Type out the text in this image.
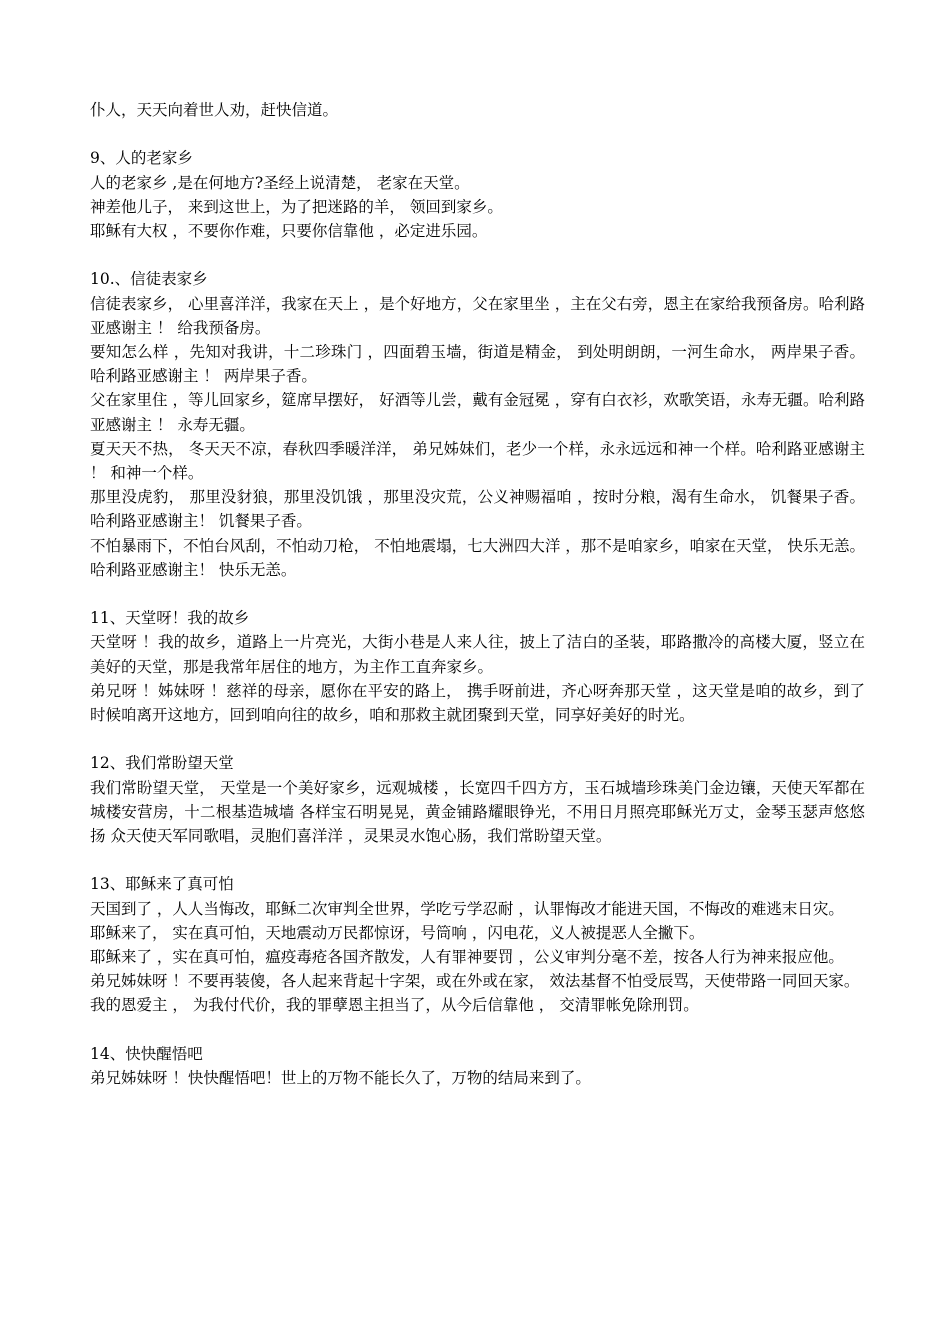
仆人，天天向着世人劝，赶快信道。

9、人的老家乡

人的老家乡 ,是在何地方?圣经上说清楚， 老家在天堂。

神差他儿子， 来到这世上，为了把迷路的羊， 领回到家乡。

耶稣有大权 ，不要你作难，只要你信靠他 ，必定进乐园。

10.、信徒表家乡

信徒表家乡， 心里喜洋洋，我家在天上 ，是个好地方，父在家里坐 ，主在父右旁，恩主在家给我预备房。哈利路亚感谢主 ！ 给我预备房。

要知怎么样 ，先知对我讲，十二珍珠门 ，四面碧玉墙，街道是精金， 到处明朗朗，一河生命水， 两岸果子香。哈利路亚感谢主 ！ 两岸果子香。

父在家里住 ，等儿回家乡，筵席早摆好， 好酒等儿尝，戴有金冠冕 ，穿有白衣衫，欢歌笑语，永寿无疆。哈利路亚感谢主 ！ 永寿无疆。

夏天天不热， 冬天天不凉，春秋四季暖洋洋， 弟兄姊妹们，老少一个样，永永远远和神一个样。哈利路亚感谢主 ！ 和神一个样。

那里没虎豹， 那里没豺狼，那里没饥饿 ，那里没灾荒，公义神赐福咱 ，按时分粮，渴有生命水， 饥餐果子香。哈利路亚感谢主！ 饥餐果子香。

不怕暴雨下，不怕台风刮，不怕动刀枪， 不怕地震塌，七大洲四大洋 ，那不是咱家乡，咱家在天堂， 快乐无恙。哈利路亚感谢主！ 快乐无恙。

11、天堂呀！我的故乡

天堂呀 ！我的故乡，道路上一片亮光，大街小巷是人来人往，披上了洁白的圣装，耶路撒冷的高楼大厦，竖立在美好的天堂，那是我常年居住的地方，为主作工直奔家乡。

弟兄呀 ！姊妹呀 ！慈祥的母亲，愿你在平安的路上， 携手呀前进，齐心呀奔那天堂 ，这天堂是咱的故乡，到了时候咱离开这地方，回到咱向往的故乡，咱和那救主就团聚到天堂，同享好美好的时光。

12、我们常盼望天堂

我们常盼望天堂， 天堂是一个美好家乡，远观城楼 ，长宽四千四方方，玉石城墙珍珠美门金边镶，天使天军都在城楼安营房，十二根基造城墙 各样宝石明晃晃，黄金铺路耀眼铮光，不用日月照亮耶稣光万丈，金琴玉瑟声悠悠扬 众天使天军同歌唱，灵胞们喜洋洋 ，灵果灵水饱心肠，我们常盼望天堂。

13、耶稣来了真可怕

天国到了 ，人人当悔改，耶稣二次审判全世界，学吃亏学忍耐 ，认罪悔改才能进天国，不悔改的难逃末日灾。

耶稣来了， 实在真可怕，天地震动万民都惊讶，号筒响 ，闪电花，义人被提恶人全撇下。

耶稣来了 ，实在真可怕，瘟疫毒疮各国齐散发，人有罪神要罚 ，公义审判分毫不差，按各人行为神来报应他。

弟兄姊妹呀 ！不要再装傻，各人起来背起十字架，或在外或在家， 效法基督不怕受辰骂，天使带路一同回天家。

我的恩爱主 ， 为我付代价，我的罪孽恩主担当了，从今后信靠他 ， 交清罪帐免除刑罚。

14、快快醒悟吧

弟兄姊妹呀 ！快快醒悟吧！世上的万物不能长久了，万物的结局来到了。
